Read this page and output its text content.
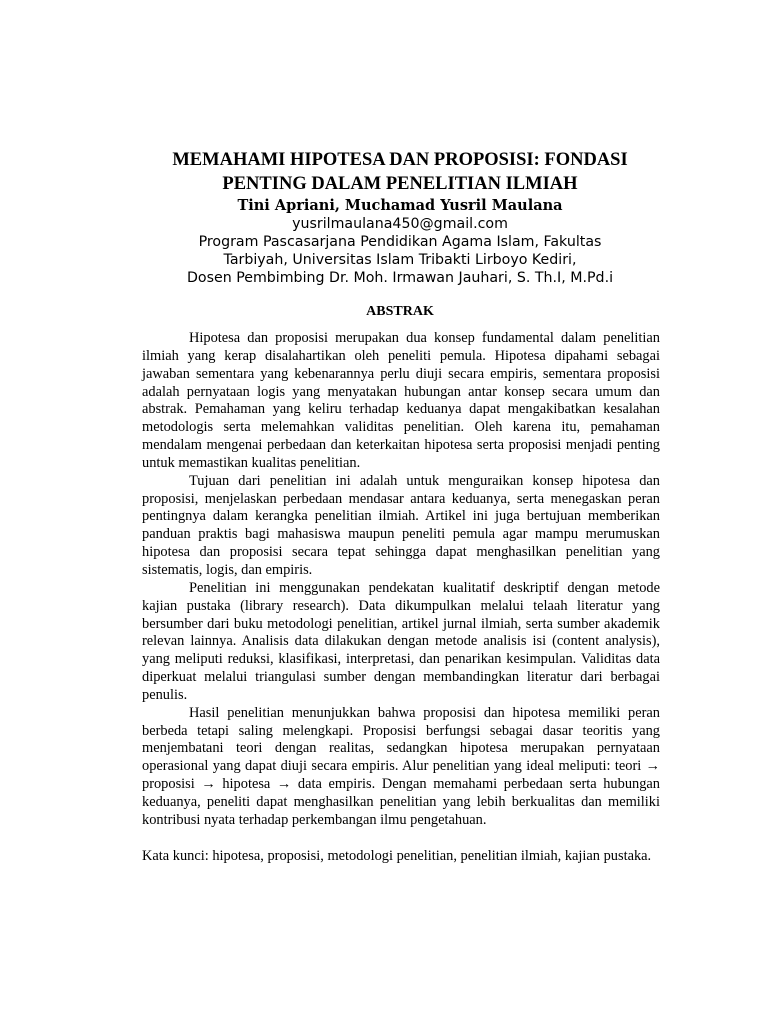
MEMAHAMI HIPOTESA DAN PROPOSISI: FONDASI

PENTING DALAM PENELITIAN ILMIAH

Tini Apriani, Muchamad Yusril Maulana

yusrilmaulana450@gmail.com

Program Pascasarjana Pendidikan Agama Islam, Fakultas

Tarbiyah, Universitas Islam Tribakti Lirboyo Kediri,

Dosen Pembimbing Dr. Moh. Irmawan Jauhari, S. Th.I, M.Pd.i

ABSTRAK

Hipotesa dan proposisi merupakan dua konsep fundamental dalam penelitian ilmiah yang kerap disalahartikan oleh peneliti pemula. Hipotesa dipahami sebagai jawaban sementara yang kebenarannya perlu diuji secara empiris, sementara proposisi adalah pernyataan logis yang menyatakan hubungan antar konsep secara umum dan abstrak. Pemahaman yang keliru terhadap keduanya dapat mengakibatkan kesalahan metodologis serta melemahkan validitas penelitian. Oleh karena itu, pemahaman mendalam mengenai perbedaan dan keterkaitan hipotesa serta proposisi menjadi penting untuk memastikan kualitas penelitian.

Tujuan dari penelitian ini adalah untuk menguraikan konsep hipotesa dan proposisi, menjelaskan perbedaan mendasar antara keduanya, serta menegaskan peran pentingnya dalam kerangka penelitian ilmiah. Artikel ini juga bertujuan memberikan panduan praktis bagi mahasiswa maupun peneliti pemula agar mampu merumuskan hipotesa dan proposisi secara tepat sehingga dapat menghasilkan penelitian yang sistematis, logis, dan empiris.

Penelitian ini menggunakan pendekatan kualitatif deskriptif dengan metode kajian pustaka (library research). Data dikumpulkan melalui telaah literatur yang bersumber dari buku metodologi penelitian, artikel jurnal ilmiah, serta sumber akademik relevan lainnya. Analisis data dilakukan dengan metode analisis isi (content analysis), yang meliputi reduksi, klasifikasi, interpretasi, dan penarikan kesimpulan. Validitas data diperkuat melalui triangulasi sumber dengan membandingkan literatur dari berbagai penulis.

Hasil penelitian menunjukkan bahwa proposisi dan hipotesa memiliki peran berbeda tetapi saling melengkapi. Proposisi berfungsi sebagai dasar teoritis yang menjembatani teori dengan realitas, sedangkan hipotesa merupakan pernyataan operasional yang dapat diuji secara empiris. Alur penelitian yang ideal meliputi: teori → proposisi → hipotesa → data empiris. Dengan memahami perbedaan serta hubungan keduanya, peneliti dapat menghasilkan penelitian yang lebih berkualitas dan memiliki kontribusi nyata terhadap perkembangan ilmu pengetahuan.

Kata kunci: hipotesa, proposisi, metodologi penelitian, penelitian ilmiah, kajian pustaka.
